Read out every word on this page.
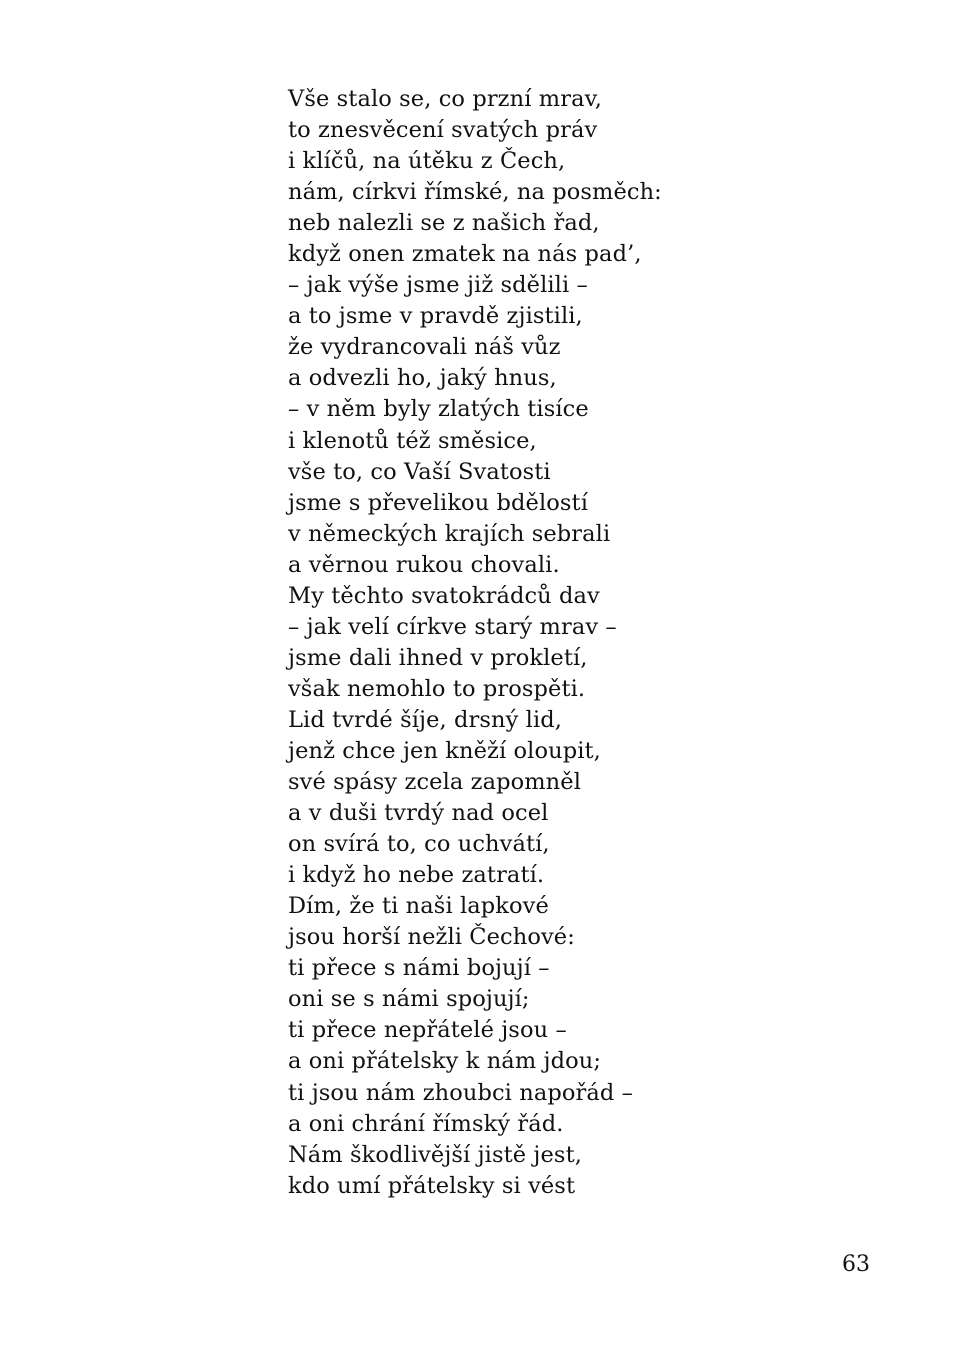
Vše stalo se, co przní mrav,
to znesvěcení svatých práv
i klíčů, na útěku z Čech,
nám, církvi římské, na posměch:
neb nalezli se z našich řad,
když onen zmatek na nás pad’,
– jak výše jsme již sdělili –
a to jsme v pravdě zjistili,
že vydrancovali náš vůz
a odvezli ho, jaký hnus,
– v něm byly zlatých tisíce
i klenotů též směsice,
vše to, co Vaší Svatosti
jsme s převelikou bdělostí
v německých krajích sebrali
a věrnou rukou chovali.
My těchto svatokrádců dav
– jak velí církve starý mrav –
jsme dali ihned v prokletí,
však nemohlo to prospěti.
Lid tvrdé šíje, drsný lid,
jenž chce jen kněží oloupit,
své spásy zcela zapomněl
a v duši tvrdý nad ocel
on svírá to, co uchvátí,
i když ho nebe zatratí.
Dím, že ti naši lapkové
jsou horší nežli Čechové:
ti přece s námi bojují –
oni se s námi spojují;
ti přece nepřátelé jsou –
a oni přátelsky k nám jdou;
ti jsou nám zhoubci napořád –
a oni chrání římský řád.
Nám škodlivější jistě jest,
kdo umí přátelsky si vést
63
